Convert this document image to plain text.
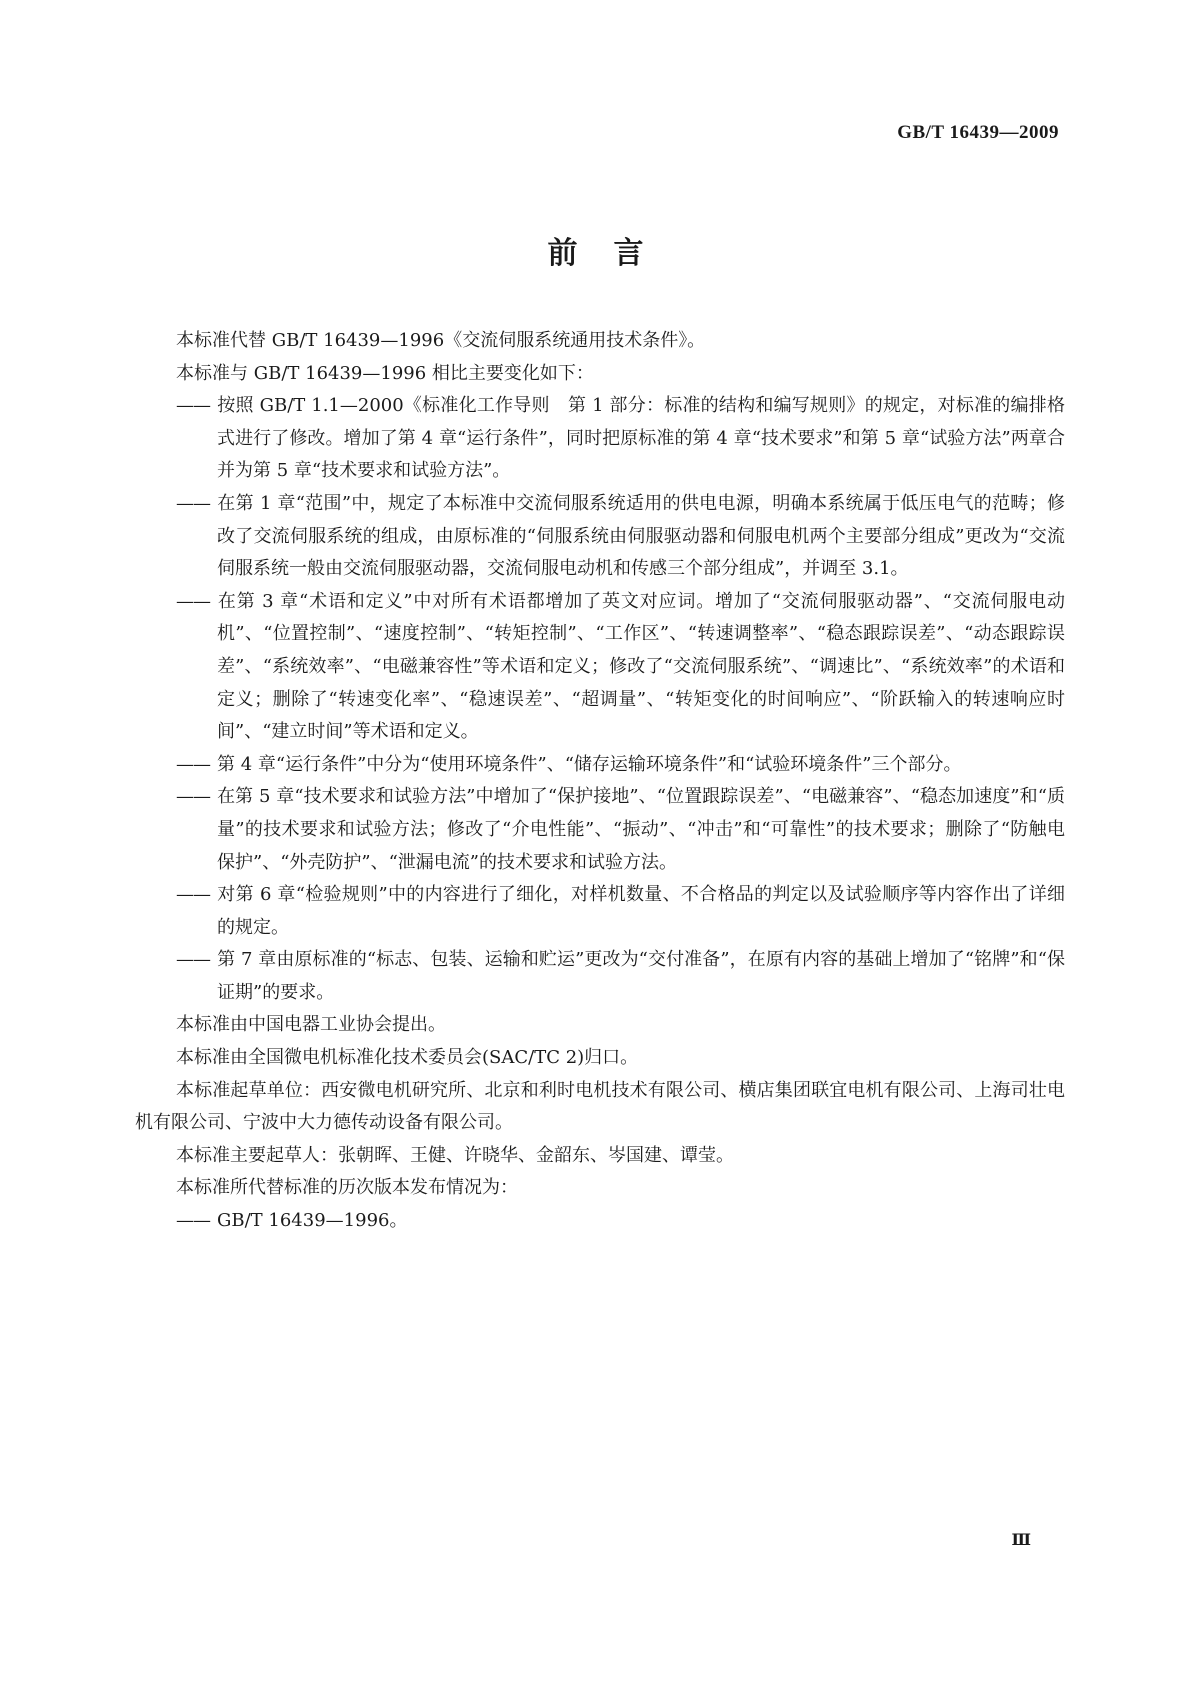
GB/T 16439—2009
前言

本标准代替 GB/T 16439—1996《交流伺服系统通用技术条件》。

本标准与 GB/T 16439—1996 相比主要变化如下：

—— 按照 GB/T 1.1—2000《标准化工作导则　第 1 部分：标准的结构和编写规则》的规定，对标准的编排格式进行了修改。增加了第 4 章“运行条件”，同时把原标准的第 4 章“技术要求”和第 5 章“试验方法”两章合并为第 5 章“技术要求和试验方法”。

—— 在第 1 章“范围”中，规定了本标准中交流伺服系统适用的供电电源，明确本系统属于低压电气的范畴；修改了交流伺服系统的组成，由原标准的“伺服系统由伺服驱动器和伺服电机两个主要部分组成”更改为“交流伺服系统一般由交流伺服驱动器，交流伺服电动机和传感三个部分组成”，并调至 3.1。

—— 在第 3 章“术语和定义”中对所有术语都增加了英文对应词。增加了“交流伺服驱动器”、“交流伺服电动机”、“位置控制”、“速度控制”、“转矩控制”、“工作区”、“转速调整率”、“稳态跟踪误差”、“动态跟踪误差”、“系统效率”、“电磁兼容性”等术语和定义；修改了“交流伺服系统”、“调速比”、“系统效率”的术语和定义；删除了“转速变化率”、“稳速误差”、“超调量”、“转矩变化的时间响应”、“阶跃输入的转速响应时间”、“建立时间”等术语和定义。

—— 第 4 章“运行条件”中分为“使用环境条件”、“储存运输环境条件”和“试验环境条件”三个部分。

—— 在第 5 章“技术要求和试验方法”中增加了“保护接地”、“位置跟踪误差”、“电磁兼容”、“稳态加速度”和“质量”的技术要求和试验方法；修改了“介电性能”、“振动”、“冲击”和“可靠性”的技术要求；删除了“防触电保护”、“外壳防护”、“泄漏电流”的技术要求和试验方法。

—— 对第 6 章“检验规则”中的内容进行了细化，对样机数量、不合格品的判定以及试验顺序等内容作出了详细的规定。

—— 第 7 章由原标准的“标志、包装、运输和贮运”更改为“交付准备”，在原有内容的基础上增加了“铭牌”和“保证期”的要求。

本标准由中国电器工业协会提出。

本标准由全国微电机标准化技术委员会(SAC/TC 2)归口。

本标准起草单位：西安微电机研究所、北京和利时电机技术有限公司、横店集团联宜电机有限公司、上海司壮电机有限公司、宁波中大力德传动设备有限公司。

本标准主要起草人：张朝晖、王健、许晓华、金韶东、岑国建、谭莹。

本标准所代替标准的历次版本发布情况为：

—— GB/T 16439—1996。

Ⅲ
